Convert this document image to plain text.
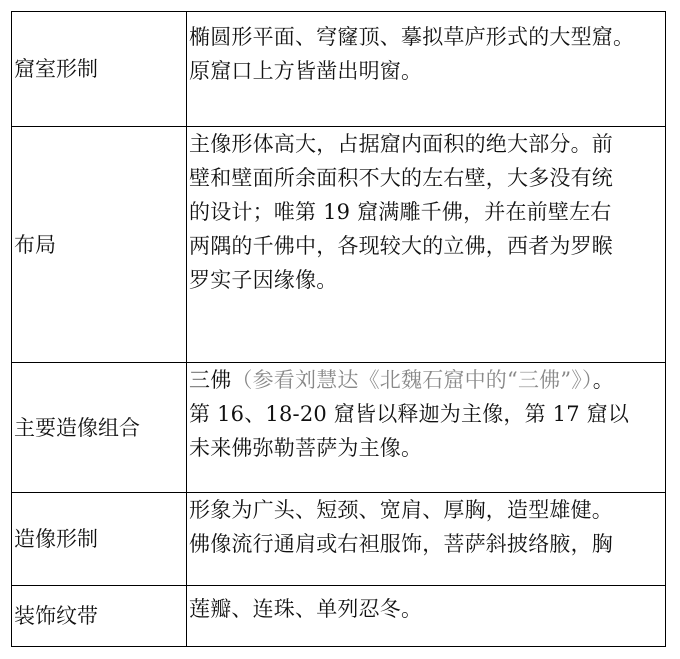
窟室形制	椭圆形平面、穹窿顶、摹拟草庐形式的大型窟。
原窟口上方皆凿出明窗。

布局	主像形体高大，占据窟内面积的绝大部分。前
壁和壁面所余面积不大的左右壁，大多没有统
的设计；唯第 19 窟满雕千佛，并在前壁左右
两隅的千佛中，各现较大的立佛，西者为罗睺
罗实子因缘像。

主要造像组合	三佛（参看刘慧达《北魏石窟中的“三佛”》）。
第 16、18-20 窟皆以释迦为主像，第 17 窟以
未来佛弥勒菩萨为主像。

造像形制	形象为广头、短颈、宽肩、厚胸，造型雄健。
佛像流行通肩或右袒服饰，菩萨斜披络腋，胸

装饰纹带	莲瓣、连珠、单列忍冬。
